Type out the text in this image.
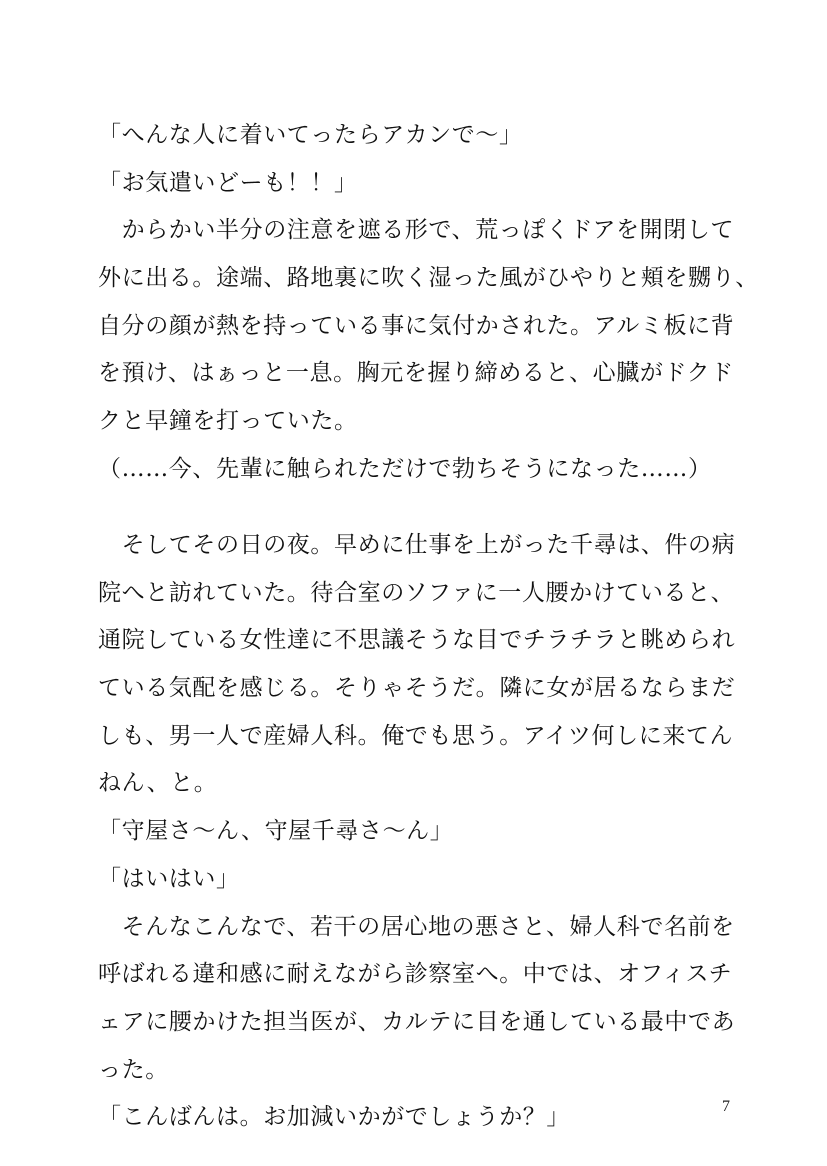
「へんな人に着いてったらアカンで～」
「お気遣いどーも！！」
　からかい半分の注意を遮る形で、荒っぽくドアを開閉して
外に出る。途端、路地裏に吹く湿った風がひやりと頬を嬲り、
自分の顔が熱を持っている事に気付かされた。アルミ板に背
を預け、はぁっと一息。胸元を握り締めると、心臓がドクド
クと早鐘を打っていた。
（……今、先輩に触られただけで勃ちそうになった……）
　そしてその日の夜。早めに仕事を上がった千尋は、件の病
院へと訪れていた。待合室のソファに一人腰かけていると、
通院している女性達に不思議そうな目でチラチラと眺められ
ている気配を感じる。そりゃそうだ。隣に女が居るならまだ
しも、男一人で産婦人科。俺でも思う。アイツ何しに来てん
ねん、と。
「守屋さ～ん、守屋千尋さ～ん」
「はいはい」
　そんなこんなで、若干の居心地の悪さと、婦人科で名前を
呼ばれる違和感に耐えながら診察室へ。中では、オフィスチ
ェアに腰かけた担当医が、カルテに目を通している最中であ
った。
「こんばんは。お加減いかがでしょうか？」	7
